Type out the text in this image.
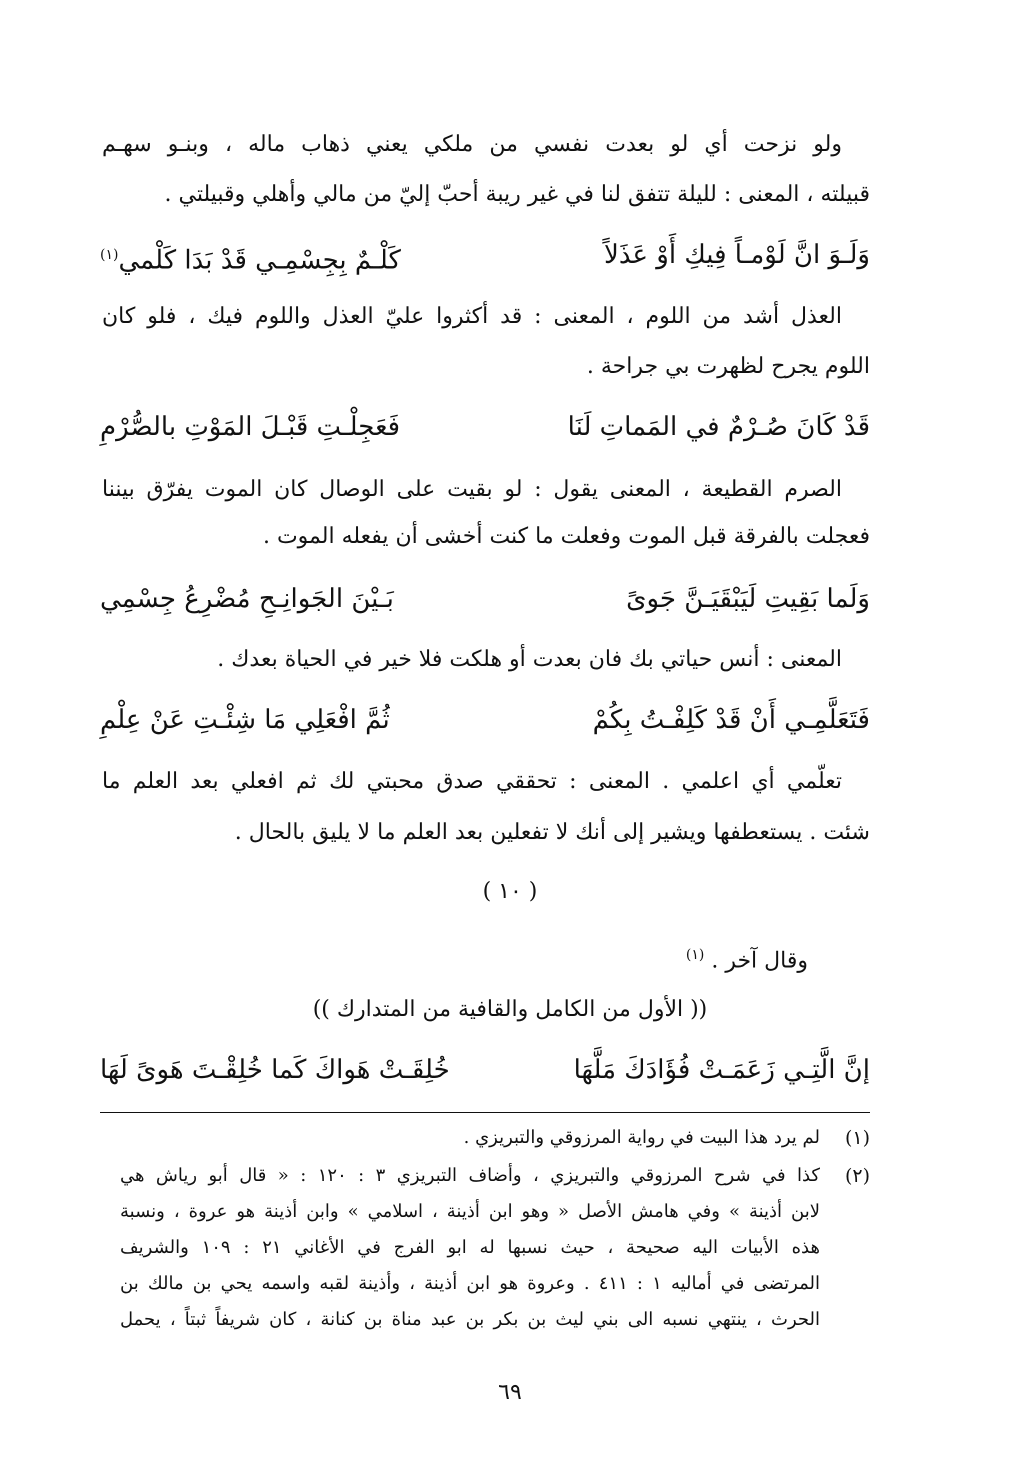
ولو نزحت أي لو بعدت نفسي من ملكي يعني ذهاب ماله ، وبنـو سهـم
قبيلته ، المعنى : لليلة تتفق لنا في غير ريبة أحبّ إليّ من مالي وأهلي وقبيلتي .
وَلَـوَ انَّ لَوْمـاً فِيكِ أَوْ عَذَلاً
كَلْـمٌ بِجِسْمِـي قَدْ بَدَا كَلْمي$^{(١)}$
العذل أشد من اللوم ، المعنى : قد أكثروا عليّ العذل واللوم فيك ، فلو كان
اللوم يجرح لظهرت بي جراحة .
قَدْ كَانَ صُـرْمٌ في المَماتِ لَنَا
فَعَجِلْـتِ قَبْـلَ المَوْتِ بالصُّرْمِ
الصرم القطيعة ، المعنى يقول : لو بقيت على الوصال كان الموت يفرّق بيننا
فعجلت بالفرقة قبل الموت وفعلت ما كنت أخشى أن يفعله الموت .
وَلَما بَقِيتِ لَيَبْقَيَـنَّ جَوىً
بَـيْنَ الجَوانِـحِ مُضْرِعُ جِسْمِي
المعنى : أنس حياتي بك فان بعدت أو هلكت فلا خير في الحياة بعدك .
فَتَعَلَّمِـي أَنْ قَدْ كَلِفْـتُ بِكُمْ
ثُمَّ افْعَلِي مَا شِئْـتِ عَنْ عِلْمِ
تعلّمي أي اعلمي . المعنى : تحققي صدق محبتي لك ثم افعلي بعد العلم ما
شئت . يستعطفها ويشير إلى أنك لا تفعلين بعد العلم ما لا يليق بالحال .
( ١٠ )
وقال آخر . $^{(١)}$
(( الأول من الكامل والقافية من المتدارك ))
إنَّ الَّتِـي زَعَمَـتْ فُؤَادَكَ مَلَّهَا
خُلِقَـتْ هَواكَ كَما خُلِقْـتَ هَوىً لَهَا
(١)
لم يرد هذا البيت في رواية المرزوقي والتبريزي .
(٢)
كذا في شرح المرزوقي والتبريزي ، وأضاف التبريزي ٣ : ١٢٠ : « قال أبو رياش هي
لابن أذينة » وفي هامش الأصل « وهو ابن أذينة ، اسلامي » وابن أذينة هو عروة ، ونسبة
هذه الأبيات اليه صحيحة ، حيث نسبها له ابو الفرج في الأغاني ٢١ : ١٠٩ والشريف
المرتضى في أماليه ١ : ٤١١ . وعروة هو ابن أذينة ، وأذينة لقبه واسمه يحي بن مالك بن
الحرث ، ينتهي نسبه الى بني ليث بن بكر بن عبد مناة بن كنانة ، كان شريفاً ثبتاً ، يحمل
٦٩
